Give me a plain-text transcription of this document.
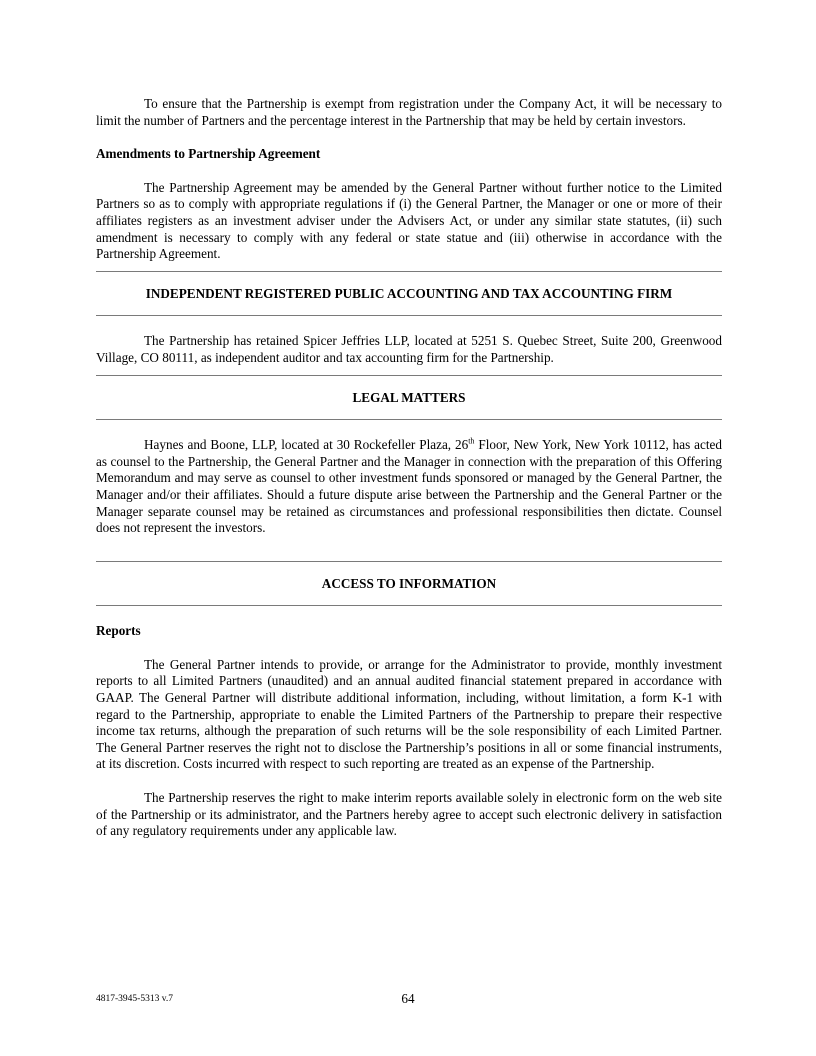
To ensure that the Partnership is exempt from registration under the Company Act, it will be necessary to limit the number of Partners and the percentage interest in the Partnership that may be held by certain investors.

Amendments to Partnership Agreement

The Partnership Agreement may be amended by the General Partner without further notice to the Limited Partners so as to comply with appropriate regulations if (i) the General Partner, the Manager or one or more of their affiliates registers as an investment adviser under the Advisers Act, or under any similar state statutes, (ii) such amendment is necessary to comply with any federal or state statue and (iii) otherwise in accordance with the Partnership Agreement.

INDEPENDENT REGISTERED PUBLIC ACCOUNTING AND TAX ACCOUNTING FIRM

The Partnership has retained Spicer Jeffries LLP, located at 5251 S. Quebec Street, Suite 200, Greenwood Village, CO 80111, as independent auditor and tax accounting firm for the Partnership.

LEGAL MATTERS

Haynes and Boone, LLP, located at 30 Rockefeller Plaza, 26th Floor, New York, New York 10112, has acted as counsel to the Partnership, the General Partner and the Manager in connection with the preparation of this Offering Memorandum and may serve as counsel to other investment funds sponsored or managed by the General Partner, the Manager and/or their affiliates. Should a future dispute arise between the Partnership and the General Partner or the Manager separate counsel may be retained as circumstances and professional responsibilities then dictate. Counsel does not represent the investors.

ACCESS TO INFORMATION

Reports

The General Partner intends to provide, or arrange for the Administrator to provide, monthly investment reports to all Limited Partners (unaudited) and an annual audited financial statement prepared in accordance with GAAP. The General Partner will distribute additional information, including, without limitation, a form K-1 with regard to the Partnership, appropriate to enable the Limited Partners of the Partnership to prepare their respective income tax returns, although the preparation of such returns will be the sole responsibility of each Limited Partner. The General Partner reserves the right not to disclose the Partnership’s positions in all or some financial instruments, at its discretion. Costs incurred with respect to such reporting are treated as an expense of the Partnership.

The Partnership reserves the right to make interim reports available solely in electronic form on the web site of the Partnership or its administrator, and the Partners hereby agree to accept such electronic delivery in satisfaction of any regulatory requirements under any applicable law.

4817-3945-5313 v.7	64
